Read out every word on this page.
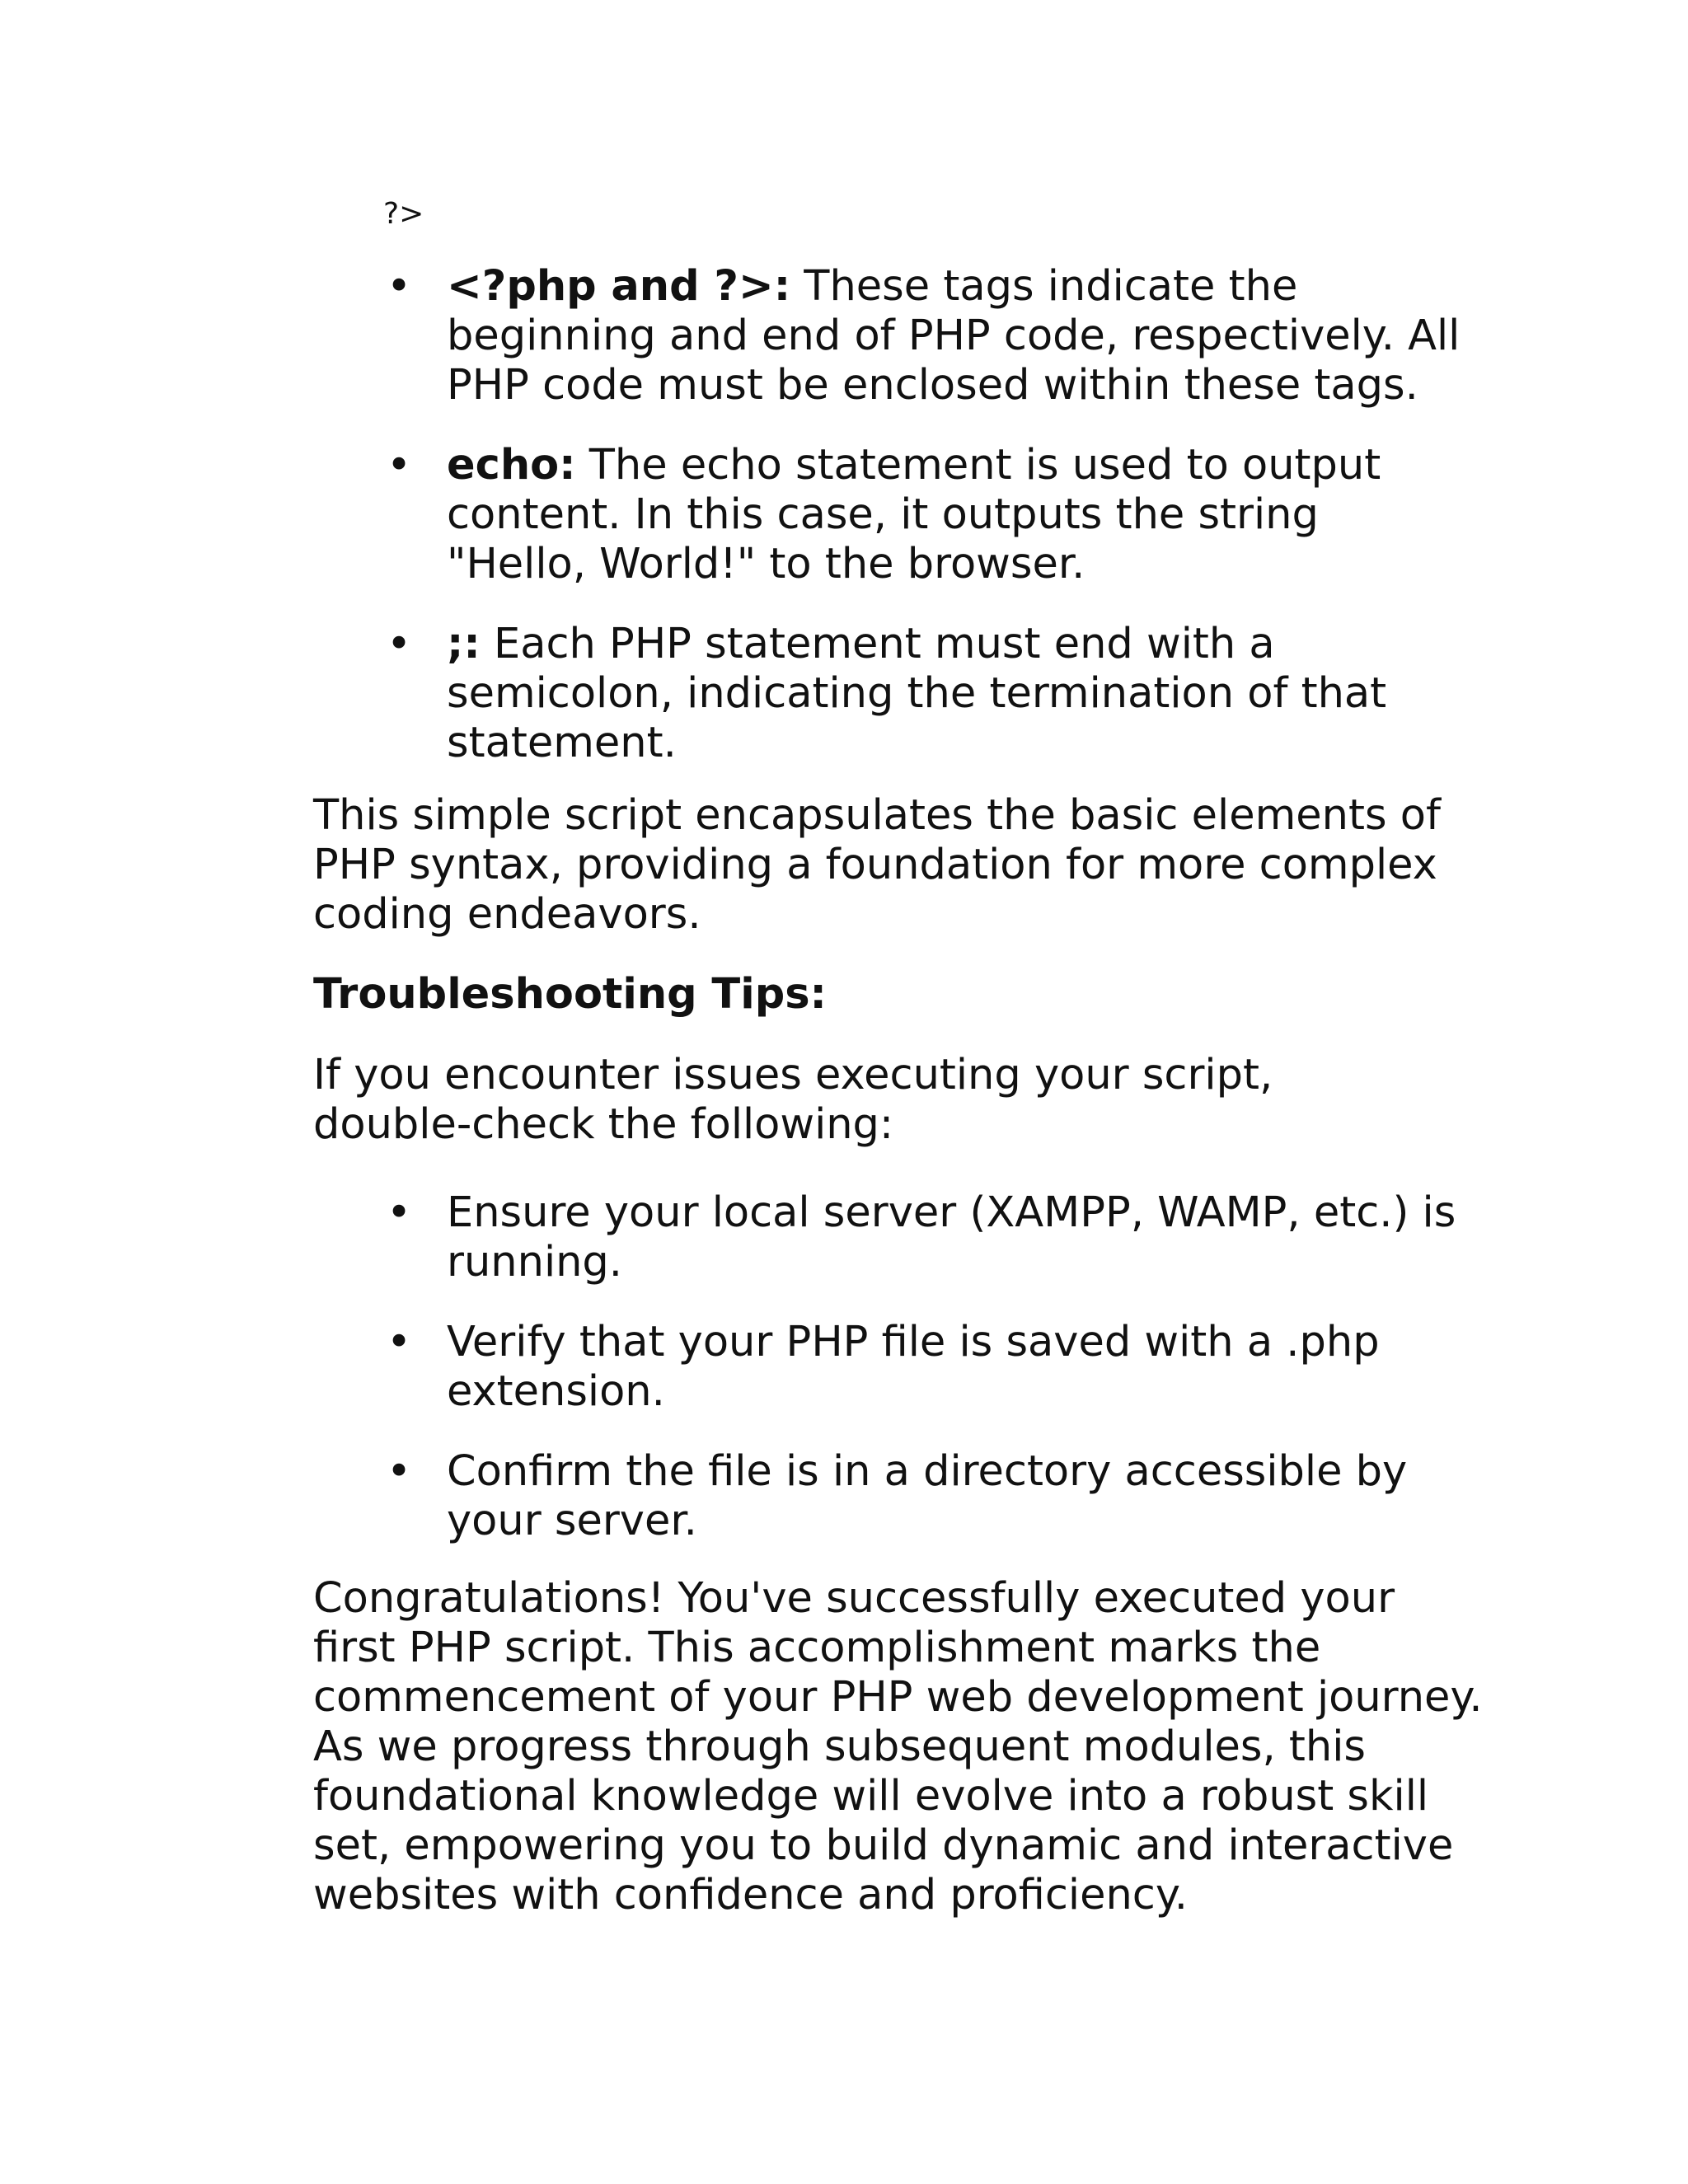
?>

• <?php and ?>: These tags indicate the beginning and end of PHP code, respectively. All PHP code must be enclosed within these tags.
• echo: The echo statement is used to output content. In this case, it outputs the string "Hello, World!" to the browser.
• ;: Each PHP statement must end with a semicolon, indicating the termination of that statement.

This simple script encapsulates the basic elements of PHP syntax, providing a foundation for more complex coding endeavors.

Troubleshooting Tips:

If you encounter issues executing your script, double-check the following:

• Ensure your local server (XAMPP, WAMP, etc.) is running.
• Verify that your PHP file is saved with a .php extension.
• Confirm the file is in a directory accessible by your server.

Congratulations! You've successfully executed your first PHP script. This accomplishment marks the commencement of your PHP web development journey. As we progress through subsequent modules, this foundational knowledge will evolve into a robust skill set, empowering you to build dynamic and interactive websites with confidence and proficiency.
